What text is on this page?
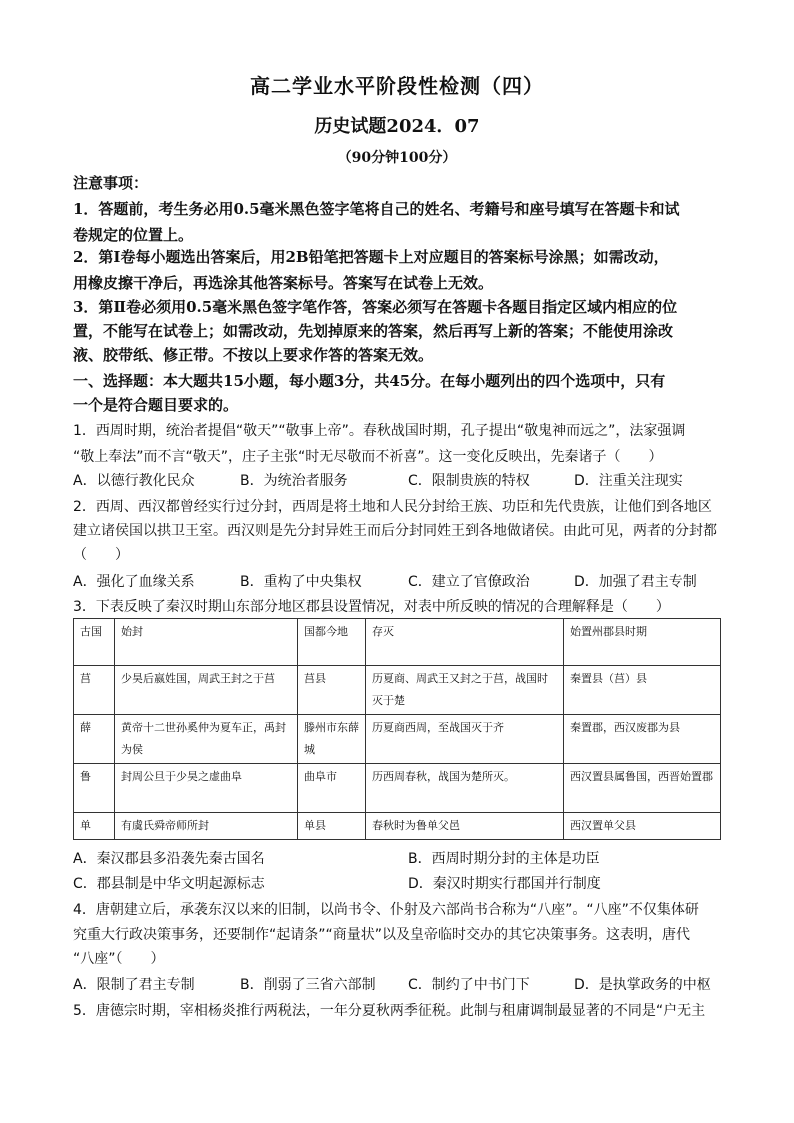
高二学业水平阶段性检测（四）
历史试题2024．07
（90分钟100分）
注意事项：
1．答题前，考生务必用0.5毫米黑色签字笔将自己的姓名、考籍号和座号填写在答题卡和试
卷规定的位置上。
2．第Ⅰ卷每小题选出答案后，用2B铅笔把答题卡上对应题目的答案标号涂黑；如需改动，
用橡皮擦干净后，再选涂其他答案标号。答案写在试卷上无效。
3．第Ⅱ卷必须用0.5毫米黑色签字笔作答，答案必须写在答题卡各题目指定区域内相应的位
置，不能写在试卷上；如需改动，先划掉原来的答案，然后再写上新的答案；不能使用涂改
液、胶带纸、修正带。不按以上要求作答的答案无效。
一、选择题：本大题共15小题，每小题3分，共45分。在每小题列出的四个选项中，只有
一个是符合题目要求的。
1．西周时期，统治者提倡“敬天”“敬事上帝”。春秋战国时期，孔子提出“敬鬼神而远之”，法家强调
“敬上奉法”而不言“敬天”，庄子主张“时无尽敬而不祈喜”。这一变化反映出，先秦诸子（　　）
A．以德行教化民众	B．为统治者服务	C．限制贵族的特权	D．注重关注现实
2．西周、西汉都曾经实行过分封，西周是将土地和人民分封给王族、功臣和先代贵族，让他们到各地区
建立诸侯国以拱卫王室。西汉则是先分封异姓王而后分封同姓王到各地做诸侯。由此可见，两者的分封都
（　　）
A．强化了血缘关系	B．重构了中央集权	C．建立了官僚政治	D．加强了君主专制
3．下表反映了秦汉时期山东部分地区郡县设置情况，对表中所反映的情况的合理解释是（　　）
古国	始封	国都今地	存灭	始置州郡县时期
莒	少昊后嬴姓国，周武王封之于莒	莒县	历夏商、周武王又封之于莒，战国时灭于楚	秦置县（莒）县
薛	黄帝十二世孙奚仲为夏车正，禹封为侯	滕州市东薛城	历夏商西周，至战国灭于齐	秦置郡，西汉废郡为县
鲁	封周公旦于少昊之虚曲阜	曲阜市	历西周春秋，战国为楚所灭。	西汉置县属鲁国，西晋始置郡
单	有虞氏舜帝师所封	单县	春秋时为鲁单父邑	西汉置单父县
A．秦汉郡县多沿袭先秦古国名	B．西周时期分封的主体是功臣
C．郡县制是中华文明起源标志	D．秦汉时期实行郡国并行制度
4．唐朝建立后，承袭东汉以来的旧制，以尚书令、仆射及六部尚书合称为“八座”。“八座”不仅集体研
究重大行政决策事务，还要制作“起请条”“商量状”以及皇帝临时交办的其它决策事务。这表明，唐代
“八座”（　　）
A．限制了君主专制	B．削弱了三省六部制 C．制约了中书门下	D．是执掌政务的中枢
5．唐德宗时期，宰相杨炎推行两税法，一年分夏秋两季征税。此制与租庸调制最显著的不同是“户无主
